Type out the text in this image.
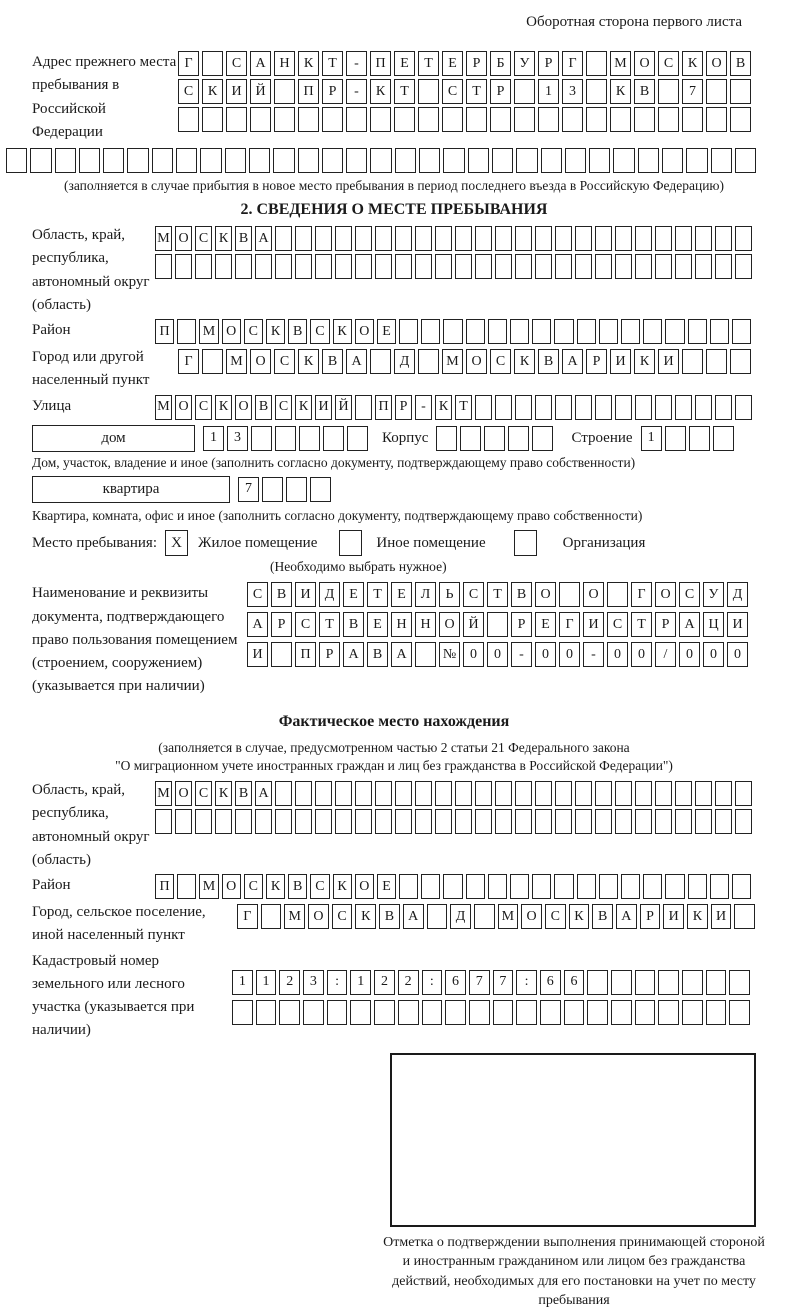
Оборотная сторона первого листа
Адрес прежнего места пребывания в Российской Федерации
Г	С	А Н	К	Т	-	П	Е	Т	Е	Р	Б	У	Р	Г	М О	С	К	О	В
С	К	И Й	П	Р	-	К	Т	С	Т	Р	1	3	К	В	7
(заполняется в случае прибытия в новое место пребывания в период последнего въезда в Российскую Федерацию)
2. СВЕДЕНИЯ О МЕСТЕ ПРЕБЫВАНИЯ
Область, край, республика, автономный округ (область)
М О С К В А
Район	П	М О С К В С К О Е
Город или другой населенный пункт
Г	М О	С	К	В	А	Д	М О	С	К	В	А	Р	И	К	И
Улица	М О С К О В С К И Й П Р - К Т
дом	1	3	Корпус	Строение	1
Дом, участок, владение и иное (заполнить согласно документу, подтверждающему право собственности)
квартира	7
Квартира, комната, офис и иное (заполнить согласно документу, подтверждающему право собственности)
Место пребывания: X	Жилое помещение	Иное помещение	Организация
(Необходимо выбрать нужное)
Наименование и реквизиты документа, подтверждающего право пользования помещением (строением, сооружением) (указывается при наличии)
С	В	И	Д	Е	Т	Е	Л	Ь	С	Т	В	О	О	Г	О	С	У	Д
А	Р	С	Т	В	Е	Н Н О Й	Р	Е	Г	И	С	Т	Р	А Ц И
И	П	Р	А	В	А	№ 0	0	-	0	0	-	0	0	/	0	0	0
Фактическое место нахождения
(заполняется в случае, предусмотренном частью 2 статьи 21 Федерального закона
"О миграционном учете иностранных граждан и лиц без гражданства в Российской Федерации")
Область, край, республика, автономный округ (область)
М О С К В А
Район	П	М О С К В С К О Е
Город, сельское поселение, иной населенный пункт
Г	М О С	К	В А	Д	М О С	К	В А	Р	И К И
Кадастровый номер земельного или лесного участка (указывается при наличии)
1	1	2	3	:	1	2	2	:	6	7	7	:	6	6
Отметка о подтверждении выполнения принимающей стороной и иностранным гражданином или лицом без гражданства действий, необходимых для его постановки на учет по месту пребывания
